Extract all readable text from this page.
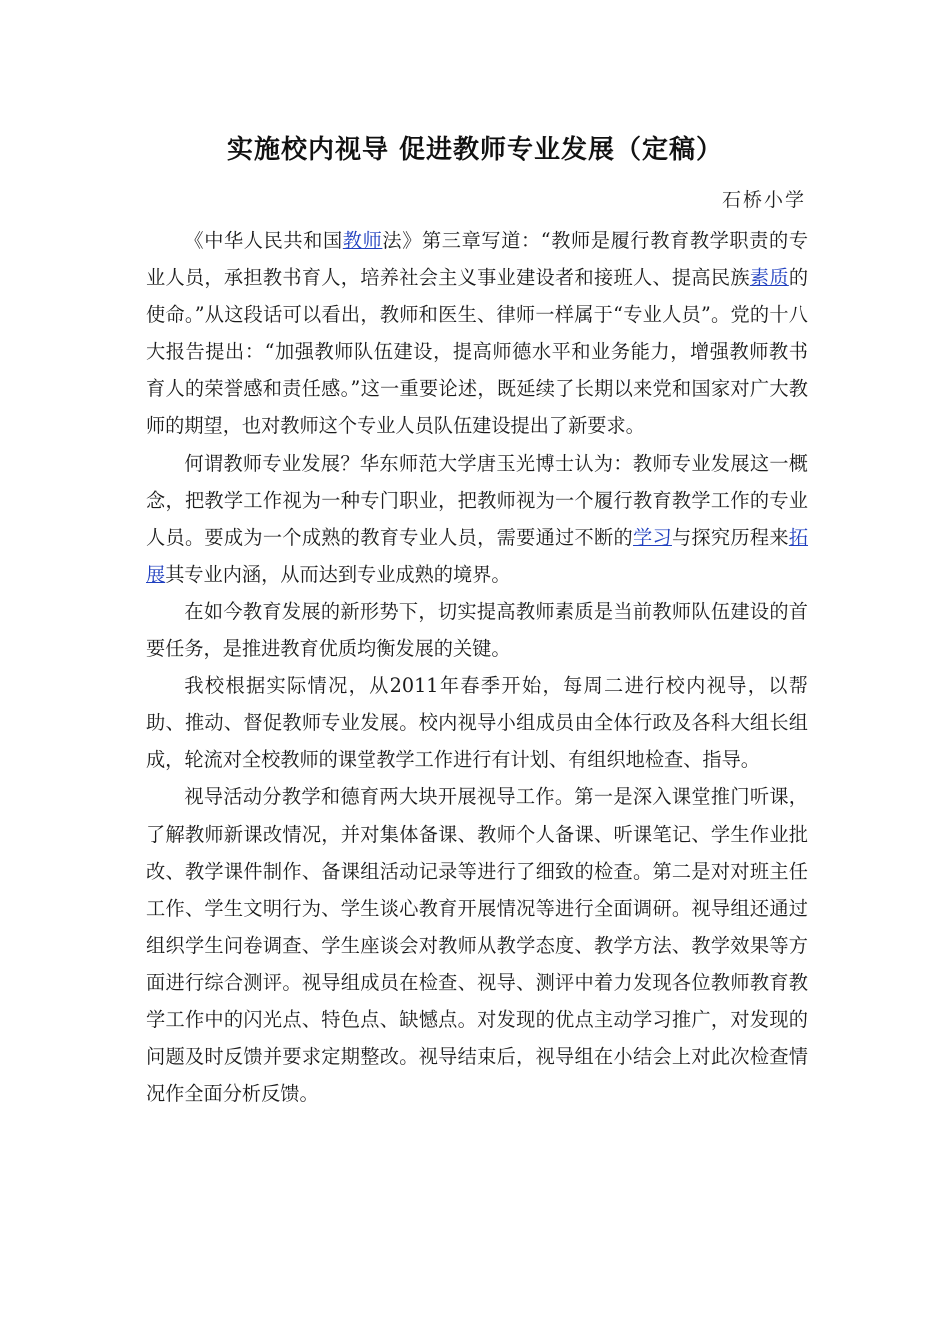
实施校内视导 促进教师专业发展（定稿）
石桥小学

《中华人民共和国教师法》第三章写道：“教师是履行教育教学职责的专业人员，承担教书育人，培养社会主义事业建设者和接班人、提高民族素质的使命。”从这段话可以看出，教师和医生、律师一样属于“专业人员”。党的十八大报告提出：“加强教师队伍建设，提高师德水平和业务能力，增强教师教书育人的荣誉感和责任感。”这一重要论述，既延续了长期以来党和国家对广大教师的期望，也对教师这个专业人员队伍建设提出了新要求。

何谓教师专业发展？华东师范大学唐玉光博士认为：教师专业发展这一概念，把教学工作视为一种专门职业，把教师视为一个履行教育教学工作的专业人员。要成为一个成熟的教育专业人员，需要通过不断的学习与探究历程来拓展其专业内涵，从而达到专业成熟的境界。

在如今教育发展的新形势下，切实提高教师素质是当前教师队伍建设的首要任务，是推进教育优质均衡发展的关键。

我校根据实际情况，从2011年春季开始，每周二进行校内视导，以帮助、推动、督促教师专业发展。校内视导小组成员由全体行政及各科大组长组成，轮流对全校教师的课堂教学工作进行有计划、有组织地检查、指导。

视导活动分教学和德育两大块开展视导工作。第一是深入课堂推门听课，了解教师新课改情况，并对集体备课、教师个人备课、听课笔记、学生作业批改、教学课件制作、备课组活动记录等进行了细致的检查。第二是对对班主任工作、学生文明行为、学生谈心教育开展情况等进行全面调研。视导组还通过组织学生问卷调查、学生座谈会对教师从教学态度、教学方法、教学效果等方面进行综合测评。视导组成员在检查、视导、测评中着力发现各位教师教育教学工作中的闪光点、特色点、缺憾点。对发现的优点主动学习推广，对发现的问题及时反馈并要求定期整改。视导结束后，视导组在小结会上对此次检查情况作全面分析反馈。
